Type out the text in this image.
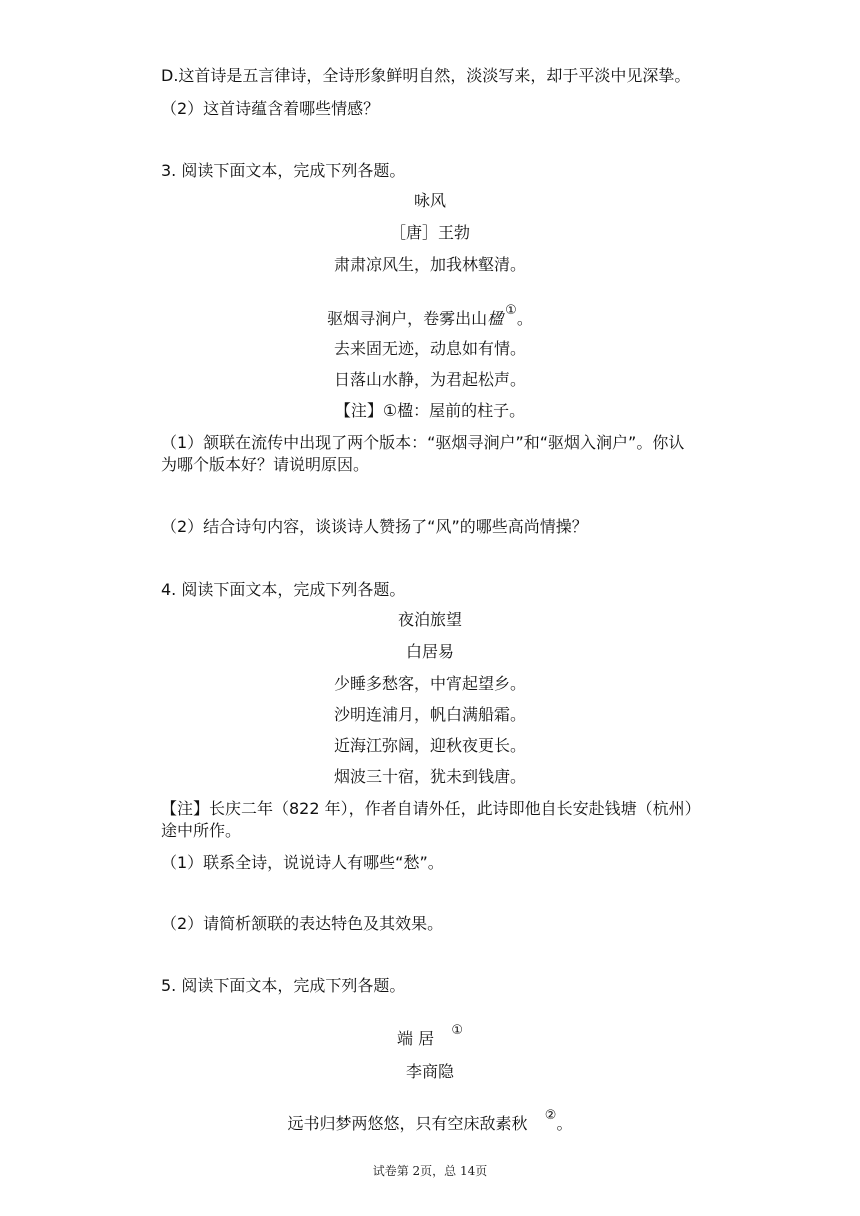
D.这首诗是五言律诗，全诗形象鲜明自然，淡淡写来，却于平淡中见深挚。
（2）这首诗蕴含着哪些情感？
3. 阅读下面文本，完成下列各题。
咏风
［唐］王勃
肃肃凉风生，加我林壑清。
驱烟寻涧户，卷雾出山楹 ①。
去来固无迹，动息如有情。
日落山水静，为君起松声。
【注】①楹：屋前的柱子。
（1）颔联在流传中出现了两个版本：“驱烟寻涧户”和“驱烟入涧户”。你认
为哪个版本好？请说明原因。
（2）结合诗句内容，谈谈诗人赞扬了“风”的哪些高尚情操？
4. 阅读下面文本，完成下列各题。
夜泊旅望
白居易
少睡多愁客，中宵起望乡。
沙明连浦月，帆白满船霜。
近海江弥阔，迎秋夜更长。
烟波三十宿，犹未到钱唐。
【注】长庆二年（822 年），作者自请外任，此诗即他自长安赴钱塘（杭州）
途中所作。
（1）联系全诗，说说诗人有哪些“愁”。
（2）请简析颔联的表达特色及其效果。
5. 阅读下面文本，完成下列各题。
端 居 ①
李商隐
远书归梦两悠悠，只有空床敌素秋 ②。
试卷第 2页，总 14页
